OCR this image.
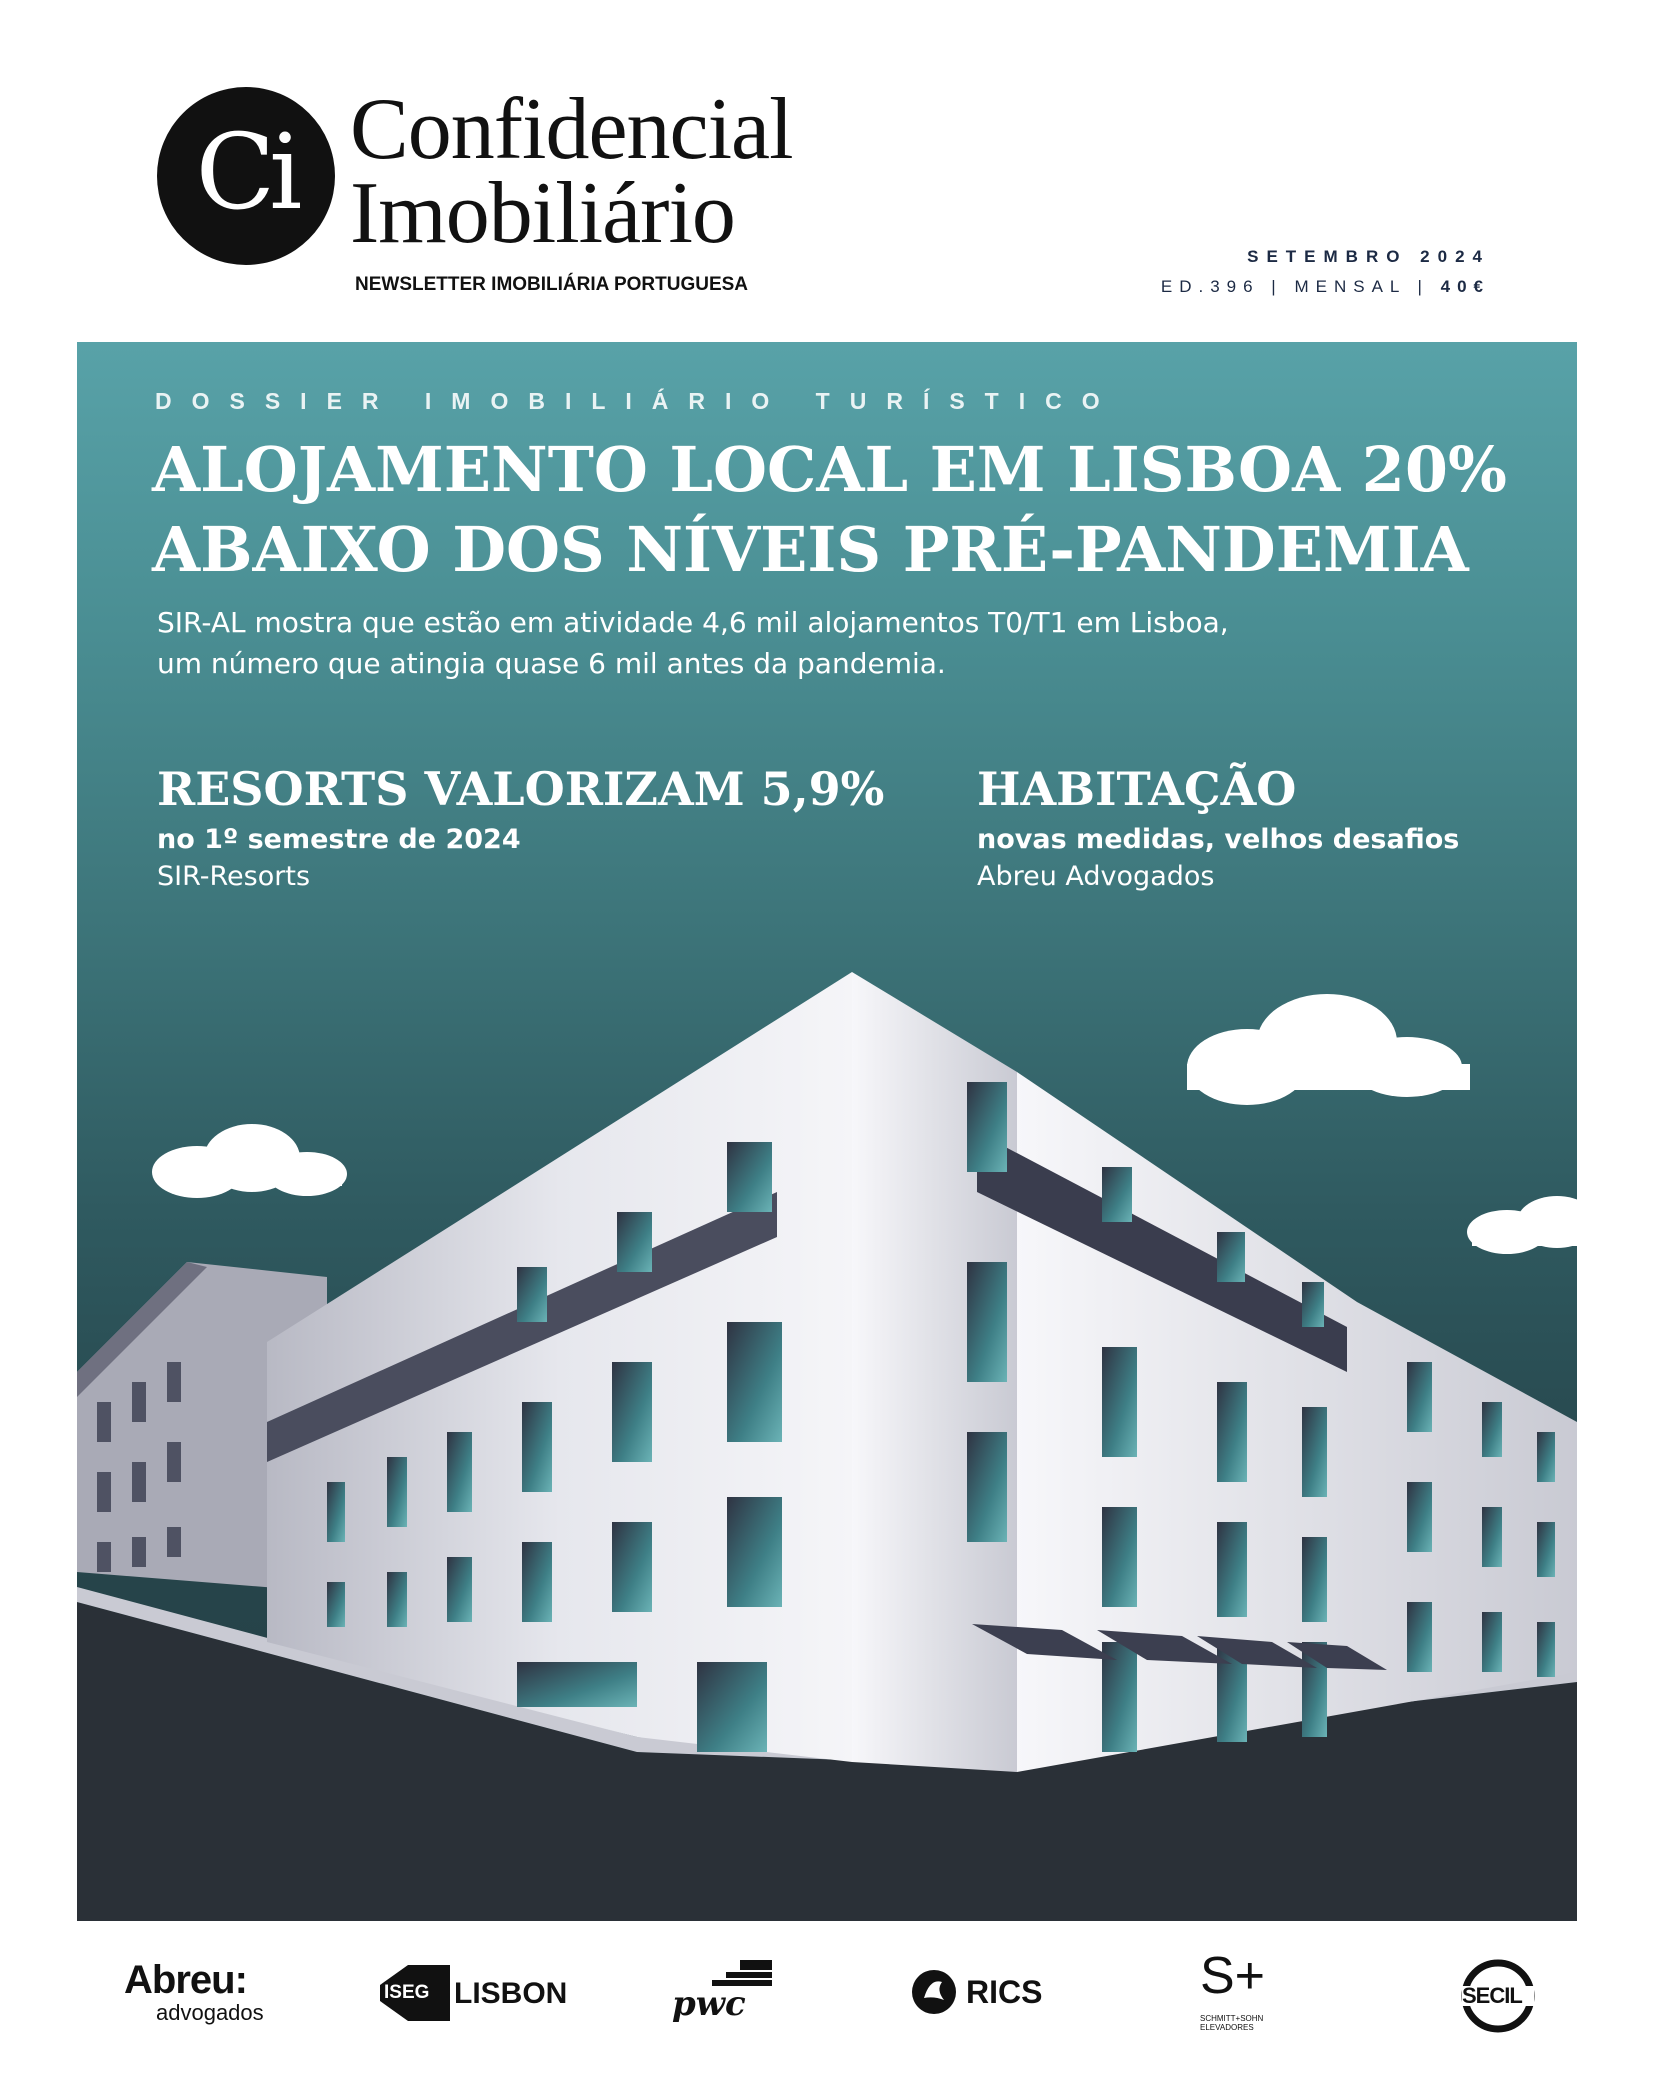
Ci Confidencial
Imobiliário
NEWSLETTER IMOBILIÁRIA PORTUGUESA
SETEMBRO 2024
ED.396 | MENSAL | 40€
DOSSIER IMOBILIÁRIO TURÍSTICO
ALOJAMENTO LOCAL EM LISBOA 20%
ABAIXO DOS NÍVEIS PRÉ-PANDEMIA
SIR-AL mostra que estão em atividade 4,6 mil alojamentos T0/T1 em Lisboa,
um número que atingia quase 6 mil antes da pandemia.
RESORTS VALORIZAM 5,9%
no 1º semestre de 2024
SIR-Resorts
HABITAÇÃO
novas medidas, velhos desafios
Abreu Advogados
Abreu:
advogados
ISEG LISBON	pwc	RICS	S+
SCHMITT+SOHN
ELEVADORES
SECIL
